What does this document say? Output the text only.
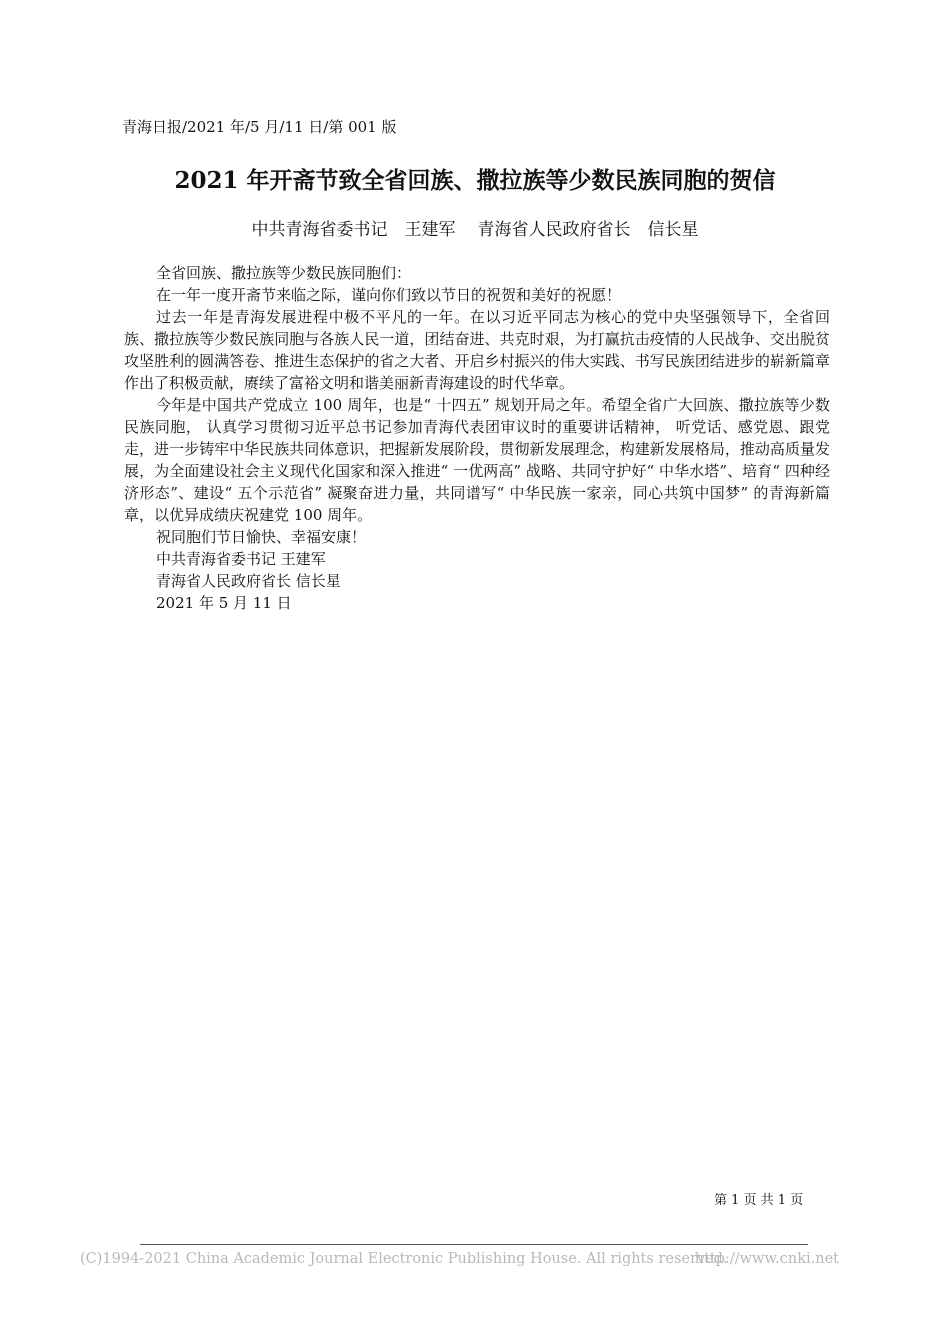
青海日报/2021 年/5 月/11 日/第 001 版
2021 年开斋节致全省回族、撒拉族等少数民族同胞的贺信
中共青海省委书记　王建军 青海省人民政府省长　信长星

全省回族、撒拉族等少数民族同胞们：

在一年一度开斋节来临之际，谨向你们致以节日的祝贺和美好的祝愿！

过去一年是青海发展进程中极不平凡的一年。在以习近平同志为核心的党中央坚强领导下，全省回族、撒拉族等少数民族同胞与各族人民一道，团结奋进、共克时艰，为打赢抗击疫情的人民战争、交出脱贫攻坚胜利的圆满答卷、推进生态保护的省之大者、开启乡村振兴的伟大实践、书写民族团结进步的崭新篇章作出了积极贡献，赓续了富裕文明和谐美丽新青海建设的时代华章。

今年是中国共产党成立 100 周年，也是“ 十四五” 规划开局之年。希望全省广大回族、撒拉族等少数民族同胞， 认真学习贯彻习近平总书记参加青海代表团审议时的重要讲话精神， 听党话、感党恩、跟党走，进一步铸牢中华民族共同体意识，把握新发展阶段，贯彻新发展理念，构建新发展格局，推动高质量发展，为全面建设社会主义现代化国家和深入推进“ 一优两高” 战略、共同守护好“ 中华水塔”、培育“ 四种经济形态”、建设“ 五个示范省” 凝聚奋进力量，共同谱写“ 中华民族一家亲，同心共筑中国梦” 的青海新篇章，以优异成绩庆祝建党 100 周年。

祝同胞们节日愉快、幸福安康！

中共青海省委书记 王建军

青海省人民政府省长 信长星

2021 年 5 月 11 日

第 1 页 共 1 页
(C)1994-2021 China Academic Journal Electronic Publishing House. All rights reserved.
http://www.cnki.net
